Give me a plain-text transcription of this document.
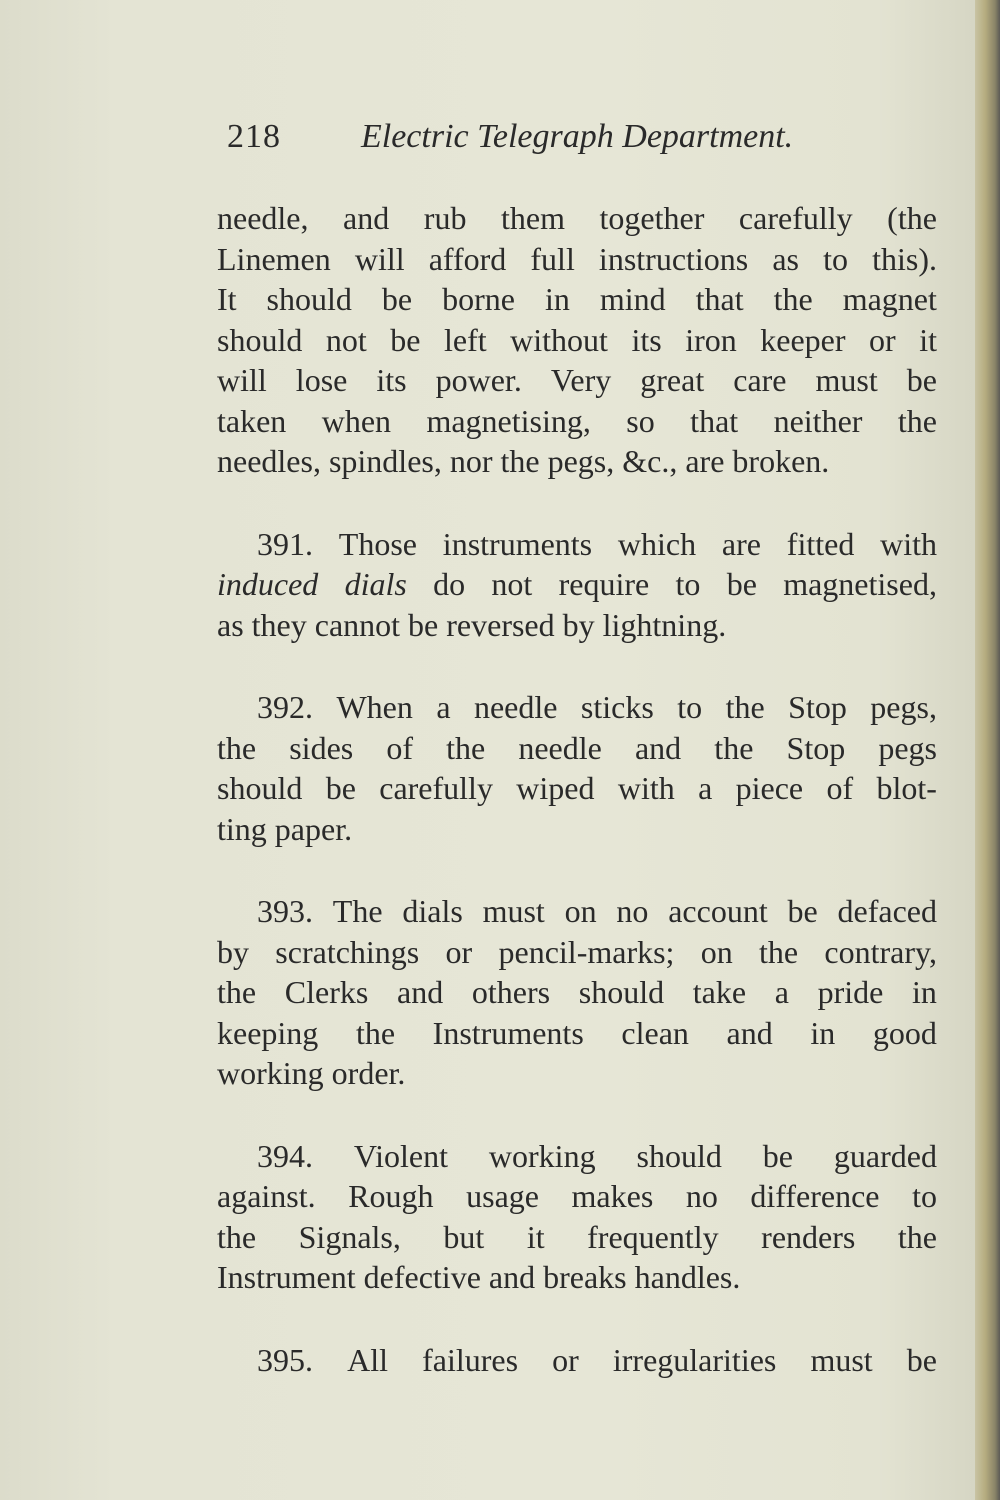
218	Electric Telegraph Department.
needle, and rub them together carefully (the
Linemen will afford full instructions as to this).
It should be borne in mind that the magnet
should not be left without its iron keeper or it
will lose its power. Very great care must be
taken when magnetising, so that neither the
needles, spindles, nor the pegs, &c., are broken.
391. Those instruments which are fitted with
induced dials do not require to be magnetised,
as they cannot be reversed by lightning.
392. When a needle sticks to the Stop pegs,
the sides of the needle and the Stop pegs
should be carefully wiped with a piece of blot-
ting paper.
393. The dials must on no account be defaced
by scratchings or pencil-marks; on the contrary,
the Clerks and others should take a pride in
keeping the Instruments clean and in good
working order.
394. Violent working should be guarded
against. Rough usage makes no difference to
the Signals, but it frequently renders the
Instrument defective and breaks handles.
395. All failures or irregularities must be
